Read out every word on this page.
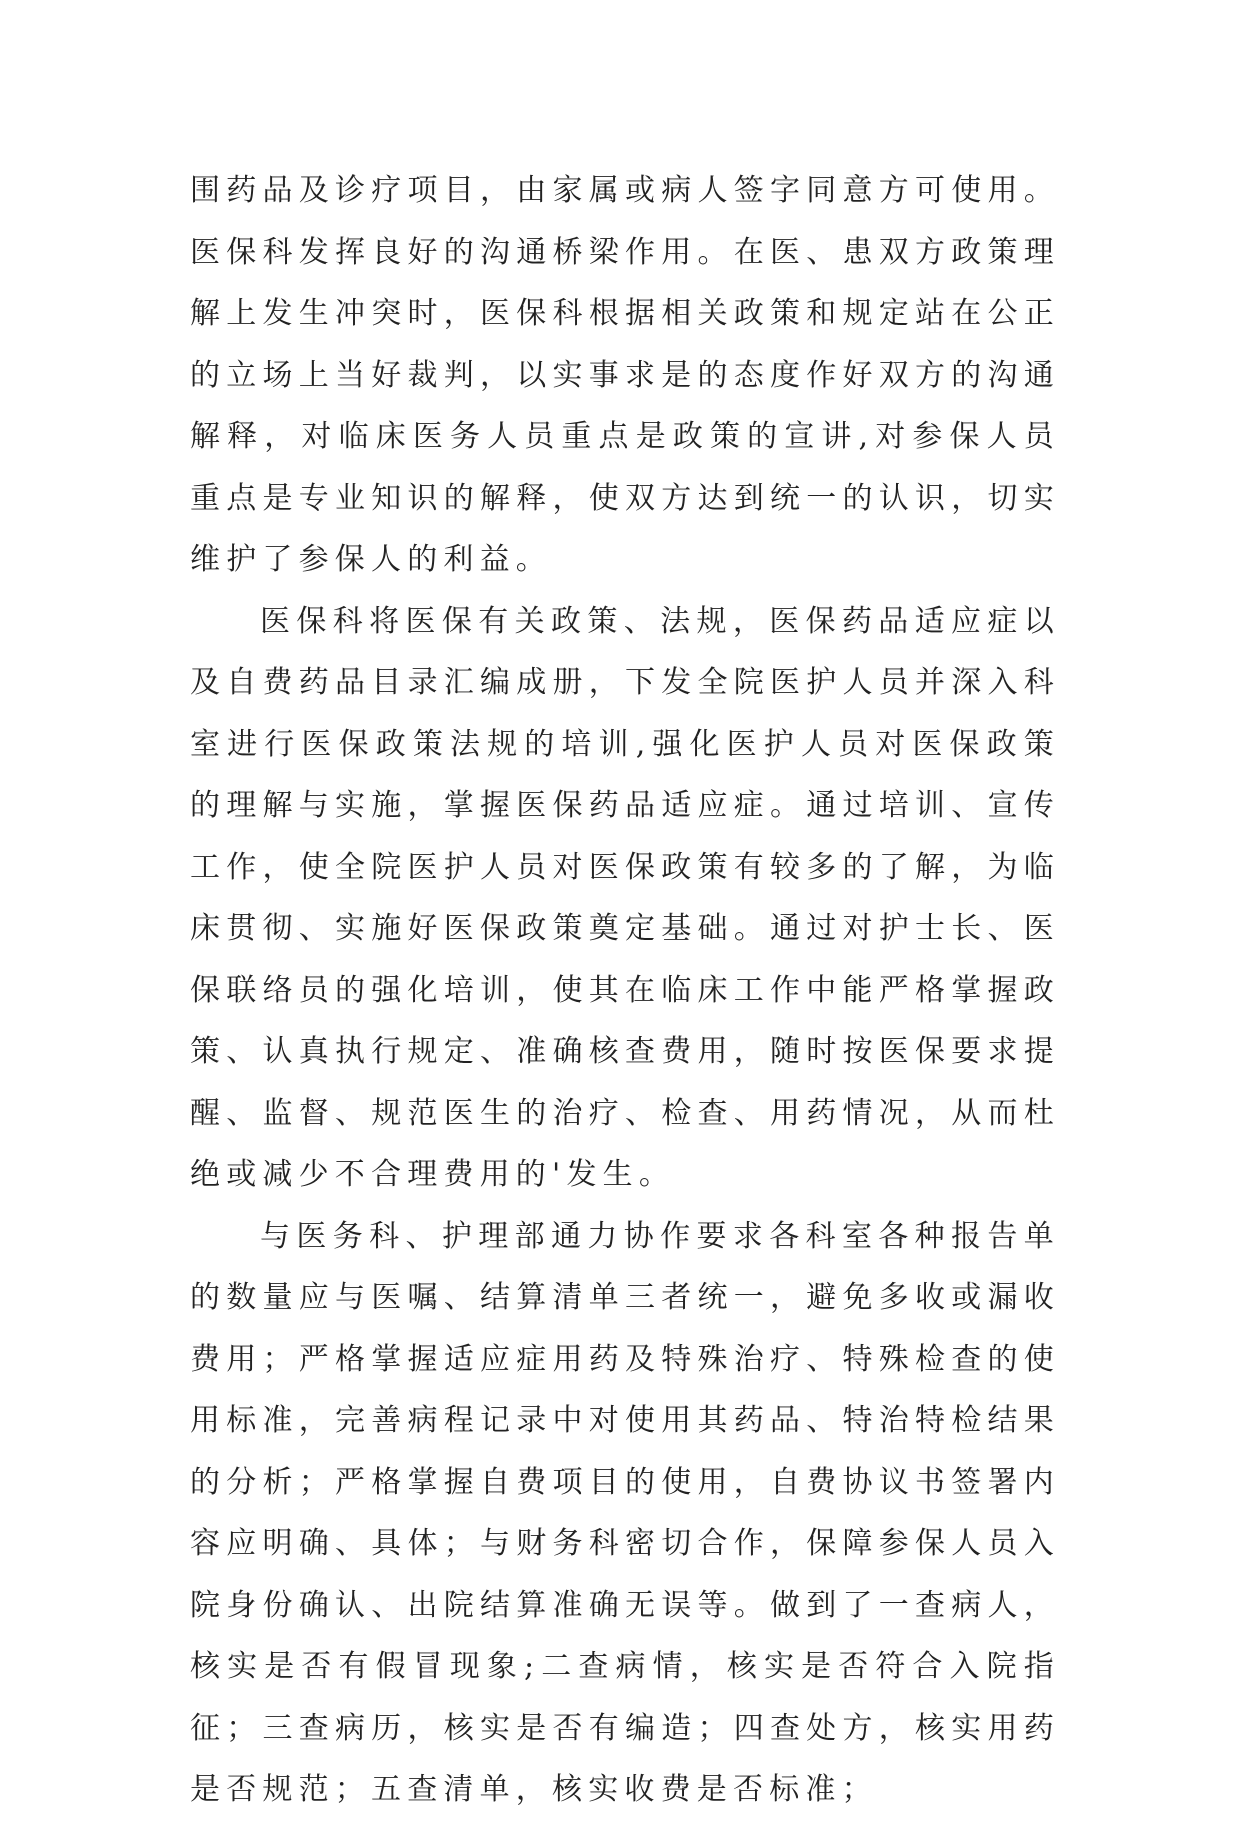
围药品及诊疗项目，由家属或病人签字同意方可使用。医保科发挥良好的沟通桥梁作用。在医、患双方政策理解上发生冲突时，医保科根据相关政策和规定站在公正的立场上当好裁判，以实事求是的态度作好双方的沟通解释，对临床医务人员重点是政策的宣讲,对参保人员重点是专业知识的解释，使双方达到统一的认识，切实维护了参保人的利益。

医保科将医保有关政策、法规，医保药品适应症以及自费药品目录汇编成册，下发全院医护人员并深入科室进行医保政策法规的培训,强化医护人员对医保政策的理解与实施，掌握医保药品适应症。通过培训、宣传工作，使全院医护人员对医保政策有较多的了解，为临床贯彻、实施好医保政策奠定基础。通过对护士长、医保联络员的强化培训，使其在临床工作中能严格掌握政策、认真执行规定、准确核查费用，随时按医保要求提醒、监督、规范医生的治疗、检查、用药情况，从而杜绝或减少不合理费用的'发生。

与医务科、护理部通力协作要求各科室各种报告单的数量应与医嘱、结算清单三者统一，避免多收或漏收费用；严格掌握适应症用药及特殊治疗、特殊检查的使用标准，完善病程记录中对使用其药品、特治特检结果的分析；严格掌握自费项目的使用，自费协议书签署内容应明确、具体；与财务科密切合作，保障参保人员入院身份确认、出院结算准确无误等。做到了一查病人，核实是否有假冒现象;二查病情，核实是否符合入院指征；三查病历，核实是否有编造；四查处方，核实用药是否规范；五查清单，核实收费是否标准；
